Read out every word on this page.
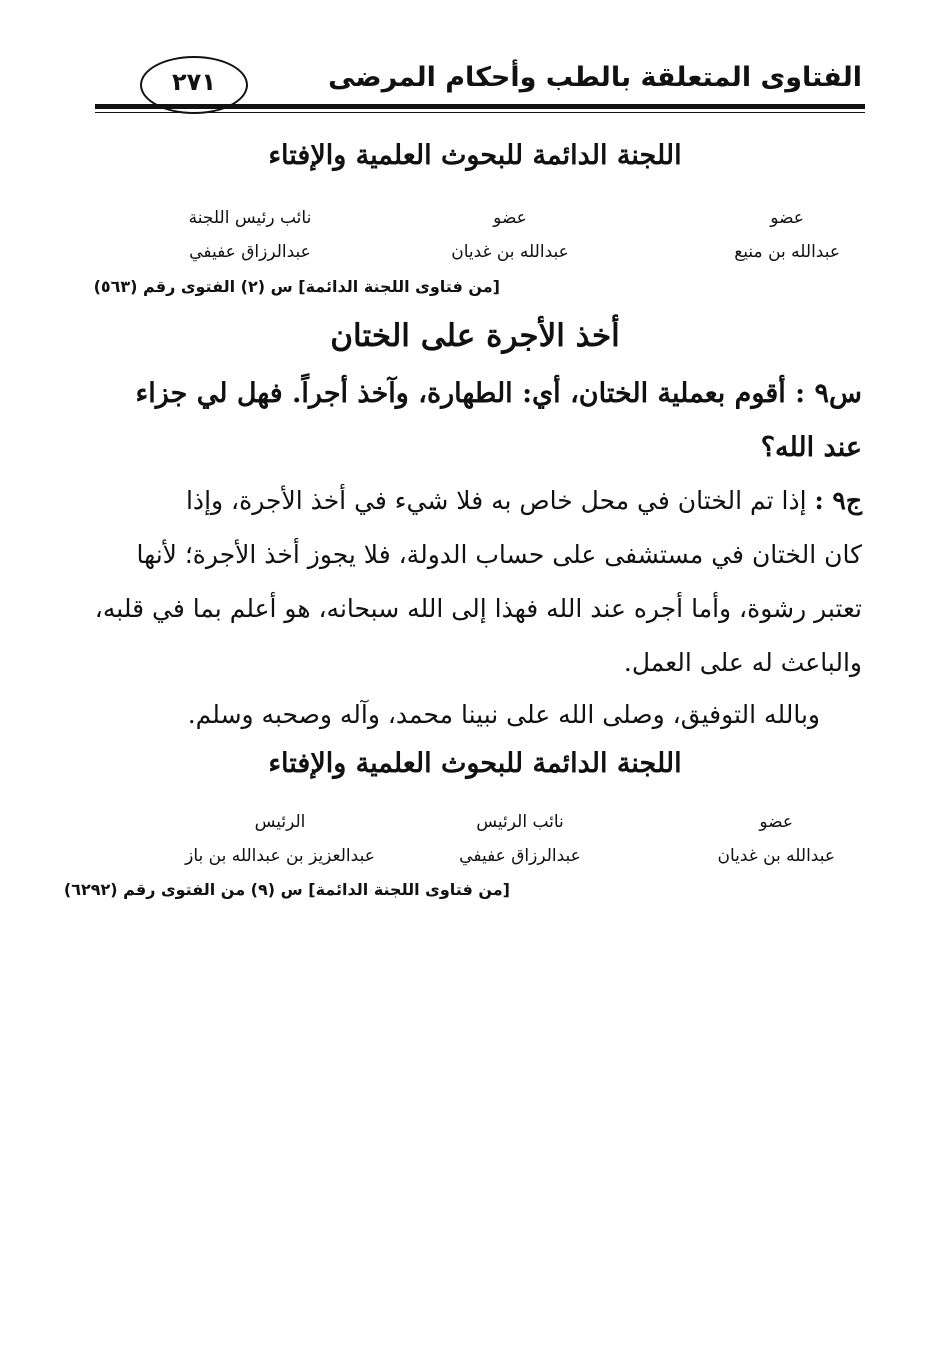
الفتاوى المتعلقة بالطب وأحكام المرضى
٢٧١
اللجنة الدائمة للبحوث العلمية والإفتاء
عضو
عبدالله بن منيع
عضو
عبدالله بن غديان
نائب رئيس اللجنة
عبدالرزاق عفيفي
[من فتاوى اللجنة الدائمة] س (٢) الفتوى رقم (٥٦٣)
أخذ الأجرة على الختان
س٩ : أقوم بعملية الختان، أي: الطهارة، وآخذ أجراً. فهل لي جزاء
عند الله؟
ج٩ : إذا تم الختان في محل خاص به فلا شيء في أخذ الأجرة، وإذا
كان الختان في مستشفى على حساب الدولة، فلا يجوز أخذ الأجرة؛ لأنها
تعتبر رشوة، وأما أجره عند الله فهذا إلى الله سبحانه، هو أعلم بما في قلبه،
والباعث له على العمل.
وبالله التوفيق، وصلى الله على نبينا محمد، وآله وصحبه وسلم.
اللجنة الدائمة للبحوث العلمية والإفتاء
عضو
عبدالله بن غديان
نائب الرئيس
عبدالرزاق عفيفي
الرئيس
عبدالعزيز بن عبدالله بن باز
[من فتاوى اللجنة الدائمة] س (٩) من الفتوى رقم (٦٢٩٢)
